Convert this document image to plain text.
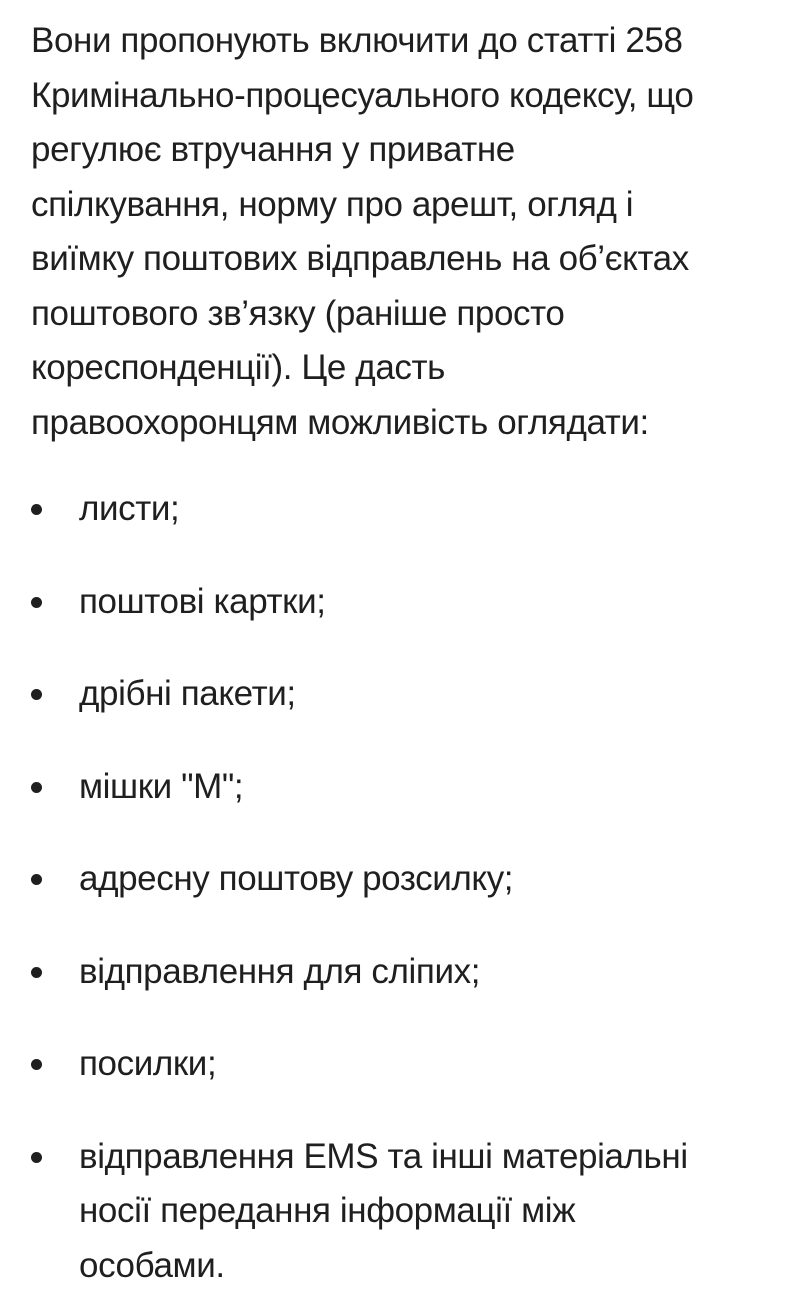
Вони пропонують включити до статті 258
Кримінально-процесуального кодексу, що
регулює втручання у приватне
спілкування, норму про арешт, огляд і
виїмку поштових відправлень на об’єктах
поштового зв’язку (раніше просто
кореспонденції). Це дасть
правоохоронцям можливість оглядати:

листи;
поштові картки;
дрібні пакети;
мішки "М";
адресну поштову розсилку;
відправлення для сліпих;
посилки;
відправлення EMS та інші матеріальні
носії передання інформації між
особами.
